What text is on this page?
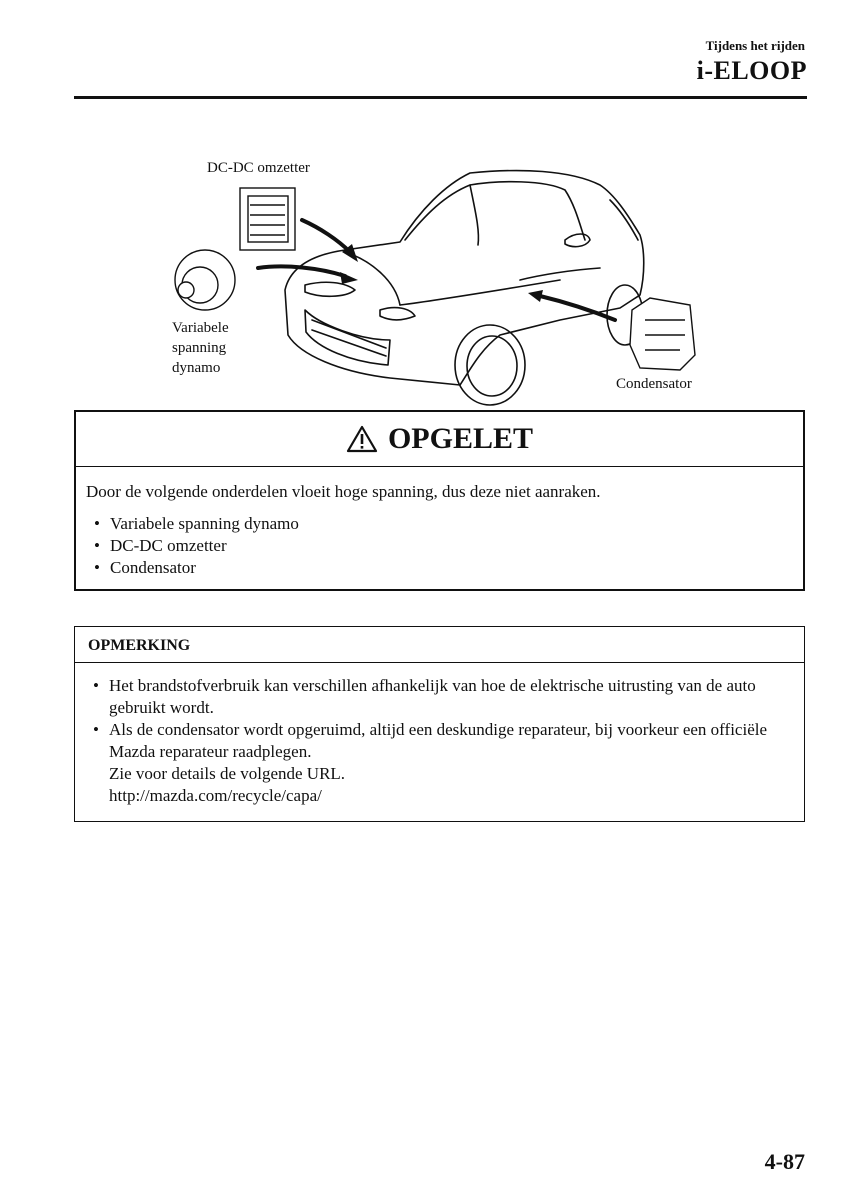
Tijdens het rijden
i-ELOOP
DC-DC omzetter
Variabele
spanning
dynamo
Condensator
OPGELET

Door de volgende onderdelen vloeit hoge spanning, dus deze niet aanraken.

• Variabele spanning dynamo
• DC-DC omzetter
• Condensator
OPMERKING
• Het brandstofverbruik kan verschillen afhankelijk van hoe de elektrische uitrusting van de auto gebruikt wordt.
• Als de condensator wordt opgeruimd, altijd een deskundige reparateur, bij voorkeur een officiële Mazda reparateur raadplegen.
Zie voor details de volgende URL.
http://mazda.com/recycle/capa/
4-87
